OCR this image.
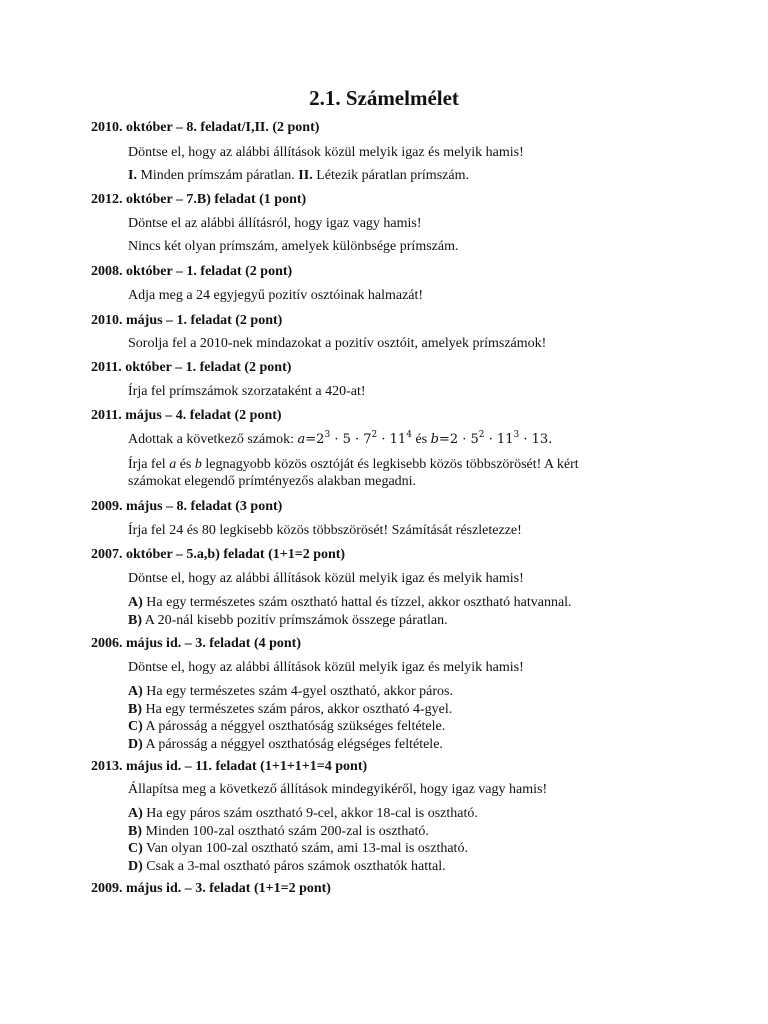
2.1. Számelmélet
2010. október – 8. feladat/I,II. (2 pont)
Döntse el, hogy az alábbi állítások közül melyik igaz és melyik hamis!
I. Minden prímszám páratlan. II. Létezik páratlan prímszám.
2012. október – 7.B) feladat (1 pont)
Döntse el az alábbi állításról, hogy igaz vagy hamis!
Nincs két olyan prímszám, amelyek különbsége prímszám.
2008. október – 1. feladat (2 pont)
Adja meg a 24 egyjegyű pozitív osztóinak halmazát!
2010. május – 1. feladat (2 pont)
Sorolja fel a 2010-nek mindazokat a pozitív osztóit, amelyek prímszámok!
2011. október – 1. feladat (2 pont)
Írja fel prímszámok szorzataként a 420-at!
2011. május – 4. feladat (2 pont)
Adottak a következő számok: $a=2^3 \cdot 5 \cdot 7^2 \cdot 11^4$ és $b=2 \cdot 5^2 \cdot 11^3 \cdot 13$.
Írja fel a és b legnagyobb közös osztóját és legkisebb közös többszörösét! A kért
számokat elegendő prímtényezős alakban megadni.
2009. május – 8. feladat (3 pont)
Írja fel 24 és 80 legkisebb közös többszörösét! Számítását részletezze!
2007. október – 5.a,b) feladat (1+1=2 pont)
Döntse el, hogy az alábbi állítások közül melyik igaz és melyik hamis!
A) Ha egy természetes szám osztható hattal és tízzel, akkor osztható hatvannal.
B) A 20-nál kisebb pozitív prímszámok összege páratlan.
2006. május id. – 3. feladat (4 pont)
Döntse el, hogy az alábbi állítások közül melyik igaz és melyik hamis!
A) Ha egy természetes szám 4-gyel osztható, akkor páros.
B) Ha egy természetes szám páros, akkor osztható 4-gyel.
C) A párosság a néggyel oszthatóság szükséges feltétele.
D) A párosság a néggyel oszthatóság elégséges feltétele.
2013. május id. – 11. feladat (1+1+1+1=4 pont)
Állapítsa meg a következő állítások mindegyikéről, hogy igaz vagy hamis!
A) Ha egy páros szám osztható 9-cel, akkor 18-cal is osztható.
B) Minden 100-zal osztható szám 200-zal is osztható.
C) Van olyan 100-zal osztható szám, ami 13-mal is osztható.
D) Csak a 3-mal osztható páros számok oszthatók hattal.
2009. május id. – 3. feladat (1+1=2 pont)
